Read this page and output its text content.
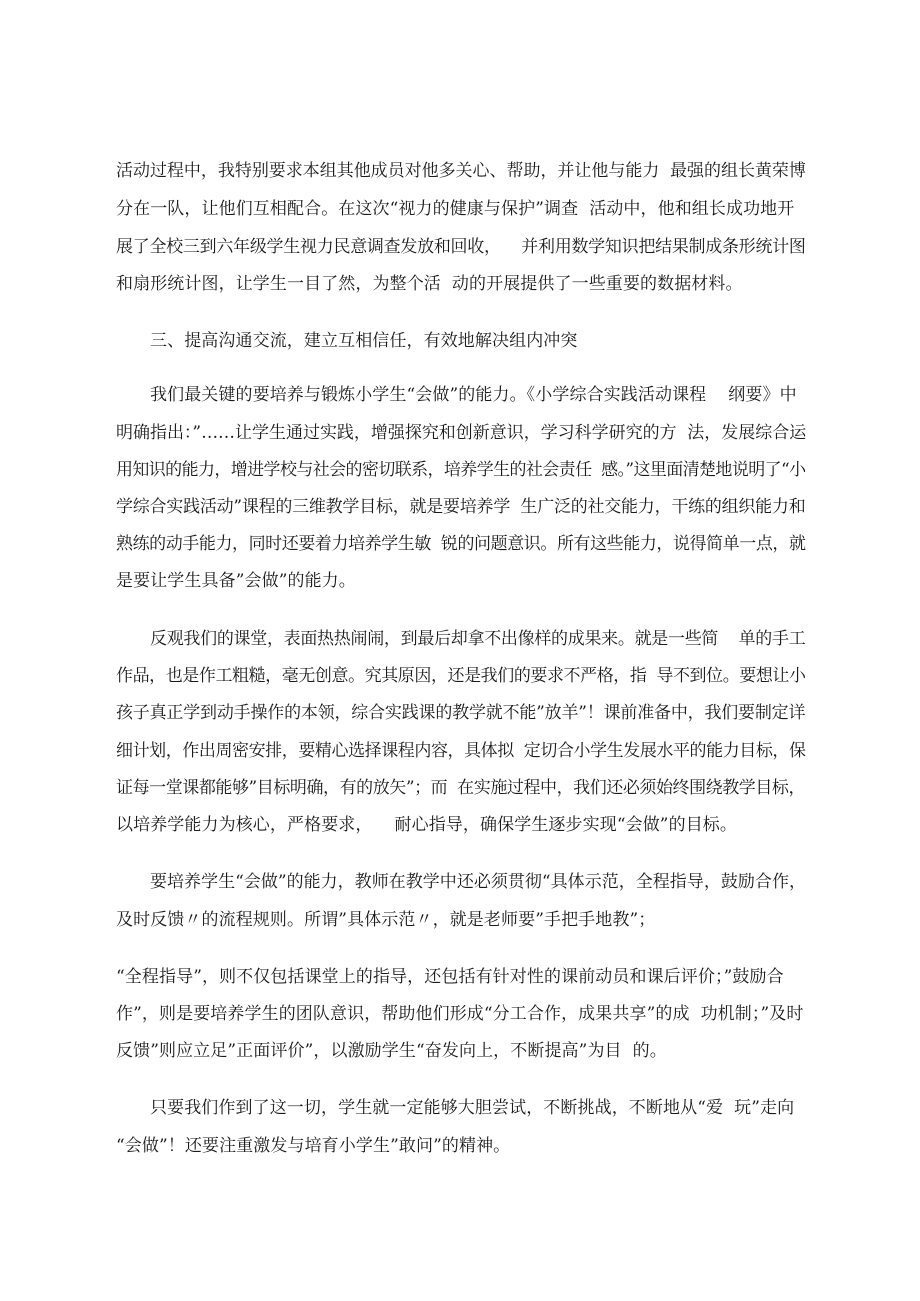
活动过程中，我特别要求本组其他成员对他多关心、帮助，并让他与能力  最强的组长黄荣博
分在一队，让他们互相配合。在这次“视力的健康与保护”调查  活动中，他和组长成功地开
展了全校三到六年级学生视力民意调查发放和回收，    并利用数学知识把结果制成条形统计图
和扇形统计图，让学生一目了然，为整个活  动的开展提供了一些重要的数据材料。
三、提高沟通交流，建立互相信任，有效地解决组内冲突
我们最关键的要培养与锻炼小学生“会做”的能力。《小学综合实践活动课程    纲要》中
明确指出：”……让学生通过实践，增强探究和创新意识，学习科学研究的方  法，发展综合运
用知识的能力，增进学校与社会的密切联系，培养学生的社会责任  感。”这里面清楚地说明了“小
学综合实践活动”课程的三维教学目标，就是要培养学  生广泛的社交能力，干练的组织能力和
熟练的动手能力，同时还要着力培养学生敏  锐的问题意识。所有这些能力，说得简单一点，就
是要让学生具备”会做”的能力。
反观我们的课堂，表面热热闹闹，到最后却拿不出像样的成果来。就是一些简    单的手工
作品，也是作工粗糙，毫无创意。究其原因，还是我们的要求不严格，指  导不到位。要想让小
孩子真正学到动手操作的本领，综合实践课的教学就不能”放羊”！课前准备中，我们要制定详
细计划，作出周密安排，要精心选择课程内容，具体拟  定切合小学生发展水平的能力目标，保
证每一堂课都能够”目标明确，有的放矢”；而  在实施过程中，我们还必须始终围绕教学目标，
以培养学能力为核心，严格要求，    耐心指导，确保学生逐步实现“会做”的目标。
要培养学生“会做”的能力，教师在教学中还必须贯彻“具体示范，全程指导，鼓励合作，
及时反馈〃的流程规则。所谓”具体示范〃，就是老师要”手把手地教”；
“全程指导”，则不仅包括课堂上的指导，还包括有针对性的课前动员和课后评价；”鼓励合
作”，则是要培养学生的团队意识，帮助他们形成“分工合作，成果共享”的成  功机制；”及时
反馈”则应立足”正面评价”，以激励学生“奋发向上，不断提高”为目  的。
只要我们作到了这一切，学生就一定能够大胆尝试，不断挑战，不断地从“爱  玩”走向
“会做”！还要注重激发与培育小学生”敢问”的精神。
